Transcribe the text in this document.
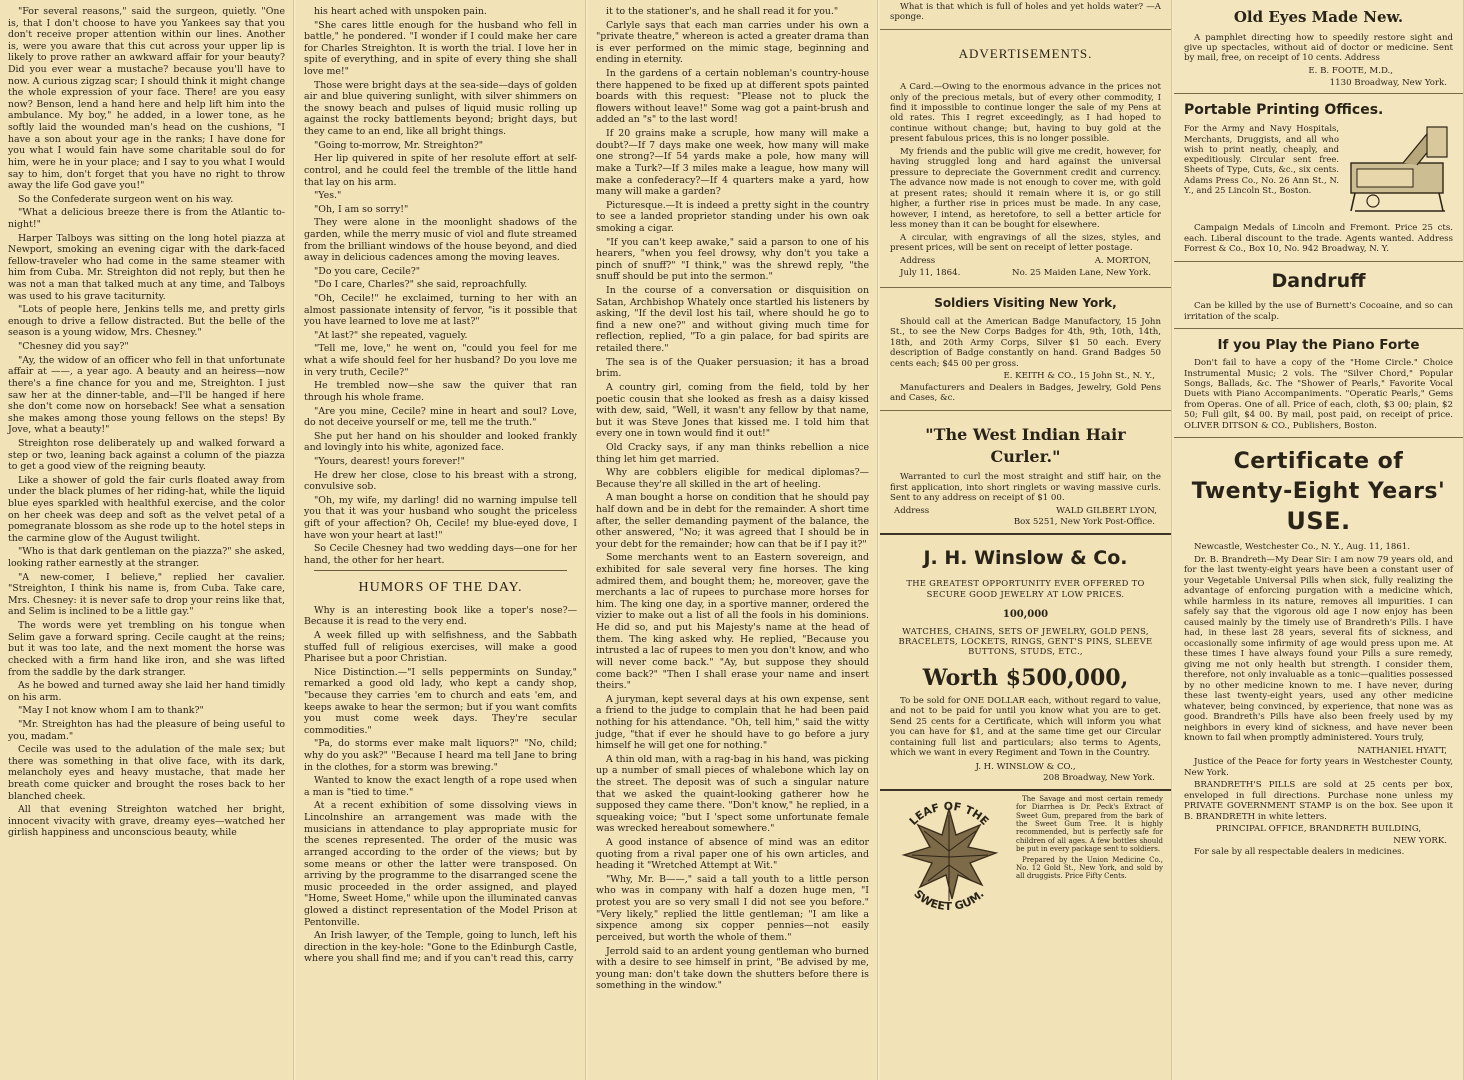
"For several reasons," said the surgeon, quietly. "One is, that I don't choose to have you Yankees say that you don't receive proper attention within our lines. Another is, were you aware that this cut across your upper lip is likely to prove rather an awkward affair for your beauty? Did you ever wear a mustache? because you'll have to now. A curious zigzag scar; I should think it might change the whole expression of your face. There! are you easy now? Benson, lend a hand here and help lift him into the ambulance. My boy," he added, in a lower tone, as he softly laid the wounded man's head on the cushions, "I have a son about your age in the ranks; I have done for you what I would fain have some charitable soul do for him, were he in your place; and I say to you what I would say to him, don't forget that you have no right to throw away the life God gave you!"

So the Confederate surgeon went on his way.

"What a delicious breeze there is from the Atlantic to-night!"

Harper Talboys was sitting on the long hotel piazza at Newport, smoking an evening cigar with the dark-faced fellow-traveler who had come in the same steamer with him from Cuba. Mr. Streighton did not reply, but then he was not a man that talked much at any time, and Talboys was used to his grave taciturnity.

"Lots of people here, Jenkins tells me, and pretty girls enough to drive a fellow distracted. But the belle of the season is a young widow, Mrs. Chesney."

"Chesney did you say?"

"Ay, the widow of an officer who fell in that unfortunate affair at ——, a year ago. A beauty and an heiress—now there's a fine chance for you and me, Streighton. I just saw her at the dinner-table, and—I'll be hanged if here she don't come now on horseback! See what a sensation she makes among those young fellows on the steps! By Jove, what a beauty!"

Streighton rose deliberately up and walked forward a step or two, leaning back against a column of the piazza to get a good view of the reigning beauty.

Like a shower of gold the fair curls floated away from under the black plumes of her riding-hat, while the liquid blue eyes sparkled with healthful exercise, and the color on her cheek was deep and soft as the velvet petal of a pomegranate blossom as she rode up to the hotel steps in the carmine glow of the August twilight.

"Who is that dark gentleman on the piazza?" she asked, looking rather earnestly at the stranger.

"A new-comer, I believe," replied her cavalier. "Streighton, I think his name is, from Cuba. Take care, Mrs. Chesney: it is never safe to drop your reins like that, and Selim is inclined to be a little gay."

The words were yet trembling on his tongue when Selim gave a forward spring. Cecile caught at the reins; but it was too late, and the next moment the horse was checked with a firm hand like iron, and she was lifted from the saddle by the dark stranger.

As he bowed and turned away she laid her hand timidly on his arm.

"May I not know whom I am to thank?"

"Mr. Streighton has had the pleasure of being useful to you, madam."

Cecile was used to the adulation of the male sex; but there was something in that olive face, with its dark, melancholy eyes and heavy mustache, that made her breath come quicker and brought the roses back to her blanched cheek.

All that evening Streighton watched her bright, innocent vivacity with grave, dreamy eyes—watched her girlish happiness and unconscious beauty, while

his heart ached with unspoken pain.

"She cares little enough for the husband who fell in battle," he pondered. "I wonder if I could make her care for Charles Streighton. It is worth the trial. I love her in spite of everything, and in spite of every thing she shall love me!"

Those were bright days at the sea-side—days of golden air and blue quivering sunlight, with silver shimmers on the snowy beach and pulses of liquid music rolling up against the rocky battlements beyond; bright days, but they came to an end, like all bright things.

"Going to-morrow, Mr. Streighton?"

Her lip quivered in spite of her resolute effort at self-control, and he could feel the tremble of the little hand that lay on his arm.

"Yes."

"Oh, I am so sorry!"

They were alone in the moonlight shadows of the garden, while the merry music of viol and flute streamed from the brilliant windows of the house beyond, and died away in delicious cadences among the moving leaves.

"Do you care, Cecile?"

"Do I care, Charles?" she said, reproachfully.

"Oh, Cecile!" he exclaimed, turning to her with an almost passionate intensity of fervor, "is it possible that you have learned to love me at last?"

"At last?" she repeated, vaguely.

"Tell me, love," he went on, "could you feel for me what a wife should feel for her husband? Do you love me in very truth, Cecile?"

He trembled now—she saw the quiver that ran through his whole frame.

"Are you mine, Cecile? mine in heart and soul? Love, do not deceive yourself or me, tell me the truth."

She put her hand on his shoulder and looked frankly and lovingly into his white, agonized face.

"Yours, dearest! yours forever!"

He drew her close, close to his breast with a strong, convulsive sob.

"Oh, my wife, my darling! did no warning impulse tell you that it was your husband who sought the priceless gift of your affection? Oh, Cecile! my blue-eyed dove, I have won your heart at last!"

So Cecile Chesney had two wedding days—one for her hand, the other for her heart.

HUMORS OF THE DAY.

Why is an interesting book like a toper's nose?—Because it is read to the very end.

A week filled up with selfishness, and the Sabbath stuffed full of religious exercises, will make a good Pharisee but a poor Christian.

Nice Distinction.—"I sells peppermints on Sunday," remarked a good old lady, who kept a candy shop, "because they carries 'em to church and eats 'em, and keeps awake to hear the sermon; but if you want comfits you must come week days. They're secular commodities."

"Pa, do storms ever make malt liquors?" "No, child; why do you ask?" "Because I heard ma tell Jane to bring in the clothes, for a storm was brewing."

Wanted to know the exact length of a rope used when a man is "tied to time."

At a recent exhibition of some dissolving views in Lincolnshire an arrangement was made with the musicians in attendance to play appropriate music for the scenes represented. The order of the music was arranged according to the order of the views; but by some means or other the latter were transposed. On arriving by the programme to the disarranged scene the music proceeded in the order assigned, and played "Home, Sweet Home," while upon the illuminated canvas glowed a distinct representation of the Model Prison at Pentonville.

An Irish lawyer, of the Temple, going to lunch, left his direction in the key-hole: "Gone to the Edinburgh Castle, where you shall find me; and if you can't read this, carry

it to the stationer's, and he shall read it for you."

Carlyle says that each man carries under his own a "private theatre," whereon is acted a greater drama than is ever performed on the mimic stage, beginning and ending in eternity.

In the gardens of a certain nobleman's country-house there happened to be fixed up at different spots painted boards with this request: "Please not to pluck the flowers without leave!" Some wag got a paint-brush and added an "s" to the last word!

If 20 grains make a scruple, how many will make a doubt?—If 7 days make one week, how many will make one strong?—If 54 yards make a pole, how many will make a Turk?—If 3 miles make a league, how many will make a confederacy?—If 4 quarters make a yard, how many will make a garden?

Picturesque.—It is indeed a pretty sight in the country to see a landed proprietor standing under his own oak smoking a cigar.

"If you can't keep awake," said a parson to one of his hearers, "when you feel drowsy, why don't you take a pinch of snuff?" "I think," was the shrewd reply, "the snuff should be put into the sermon."

In the course of a conversation or disquisition on Satan, Archbishop Whately once startled his listeners by asking, "If the devil lost his tail, where should he go to find a new one?" and without giving much time for reflection, replied, "To a gin palace, for bad spirits are retailed there."

The sea is of the Quaker persuasion; it has a broad brim.

A country girl, coming from the field, told by her poetic cousin that she looked as fresh as a daisy kissed with dew, said, "Well, it wasn't any fellow by that name, but it was Steve Jones that kissed me. I told him that every one in town would find it out!"

Old Cracky says, if any man thinks rebellion a nice thing let him get married.

Why are cobblers eligible for medical diplomas?—Because they're all skilled in the art of heeling.

A man bought a horse on condition that he should pay half down and be in debt for the remainder. A short time after, the seller demanding payment of the balance, the other answered, "No; it was agreed that I should be in your debt for the remainder; how can that be if I pay it?"

Some merchants went to an Eastern sovereign, and exhibited for sale several very fine horses. The king admired them, and bought them; he, moreover, gave the merchants a lac of rupees to purchase more horses for him. The king one day, in a sportive manner, ordered the vizier to make out a list of all the fools in his dominions. He did so, and put his Majesty's name at the head of them. The king asked why. He replied, "Because you intrusted a lac of rupees to men you don't know, and who will never come back." "Ay, but suppose they should come back?" "Then I shall erase your name and insert theirs."

A juryman, kept several days at his own expense, sent a friend to the judge to complain that he had been paid nothing for his attendance. "Oh, tell him," said the witty judge, "that if ever he should have to go before a jury himself he will get one for nothing."

A thin old man, with a rag-bag in his hand, was picking up a number of small pieces of whalebone which lay on the street. The deposit was of such a singular nature that we asked the quaint-looking gatherer how he supposed they came there. "Don't know," he replied, in a squeaking voice; "but I 'spect some unfortunate female was wrecked hereabout somewhere."

A good instance of absence of mind was an editor quoting from a rival paper one of his own articles, and heading it "Wretched Attempt at Wit."

"Why, Mr. B——," said a tall youth to a little person who was in company with half a dozen huge men, "I protest you are so very small I did not see you before." "Very likely," replied the little gentleman; "I am like a sixpence among six copper pennies—not easily perceived, but worth the whole of them."

Jerrold said to an ardent young gentleman who burned with a desire to see himself in print, "Be advised by me, young man: don't take down the shutters before there is something in the window."

What is that which is full of holes and yet holds water? —A sponge.

ADVERTISEMENTS.

A Card.—Owing to the enormous advance in the prices not only of the precious metals, but of every other commodity, I find it impossible to continue longer the sale of my Pens at old rates. This I regret exceedingly, as I had hoped to continue without change; but, having to buy gold at the present fabulous prices, this is no longer possible.

My friends and the public will give me credit, however, for having struggled long and hard against the universal pressure to depreciate the Government credit and currency. The advance now made is not enough to cover me, with gold at present rates; should it remain where it is, or go still higher, a further rise in prices must be made. In any case, however, I intend, as heretofore, to sell a better article for less money than it can be bought for elsewhere.

A circular, with engravings of all the sizes, styles, and present prices, will be sent on receipt of letter postage.

Address	A. MORTON,
July 11, 1864.	No. 25 Maiden Lane, New York.
Soldiers Visiting New York,

Should call at the American Badge Manufactory, 15 John St., to see the New Corps Badges for 4th, 9th, 10th, 14th, 18th, and 20th Army Corps, Silver $1 50 each. Every description of Badge constantly on hand. Grand Badges 50 cents each; $45 00 per gross.

E. KEITH & CO., 15 John St., N. Y.,

Manufacturers and Dealers in Badges, Jewelry, Gold Pens and Cases, &c.

"The West Indian Hair
Curler."

Warranted to curl the most straight and stiff hair, on the first application, into short ringlets or waving massive curls. Sent to any address on receipt of $1 00.

Address	WALD GILBERT LYON,
Box 5251, New York Post-Office.
J. H. Winslow & Co.
THE GREATEST OPPORTUNITY EVER OFFERED TO SECURE GOOD JEWELRY AT LOW PRICES.
100,000
WATCHES, CHAINS, SETS OF JEWELRY, GOLD PENS, BRACELETS, LOCKETS, RINGS, GENT'S PINS, SLEEVE BUTTONS, STUDS, ETC.,
Worth $500,000,

To be sold for ONE DOLLAR each, without regard to value, and not to be paid for until you know what you are to get. Send 25 cents for a Certificate, which will inform you what you can have for $1, and at the same time get our Circular containing full list and particulars; also terms to Agents, which we want in every Regiment and Town in the Country.

J. H. WINSLOW & CO.,
208 Broadway, New York.
LEAF OF THE
SWEET GUM.

The Savage and most certain remedy for Diarrhea is Dr. Peck's Extract of Sweet Gum, prepared from the bark of the Sweet Gum Tree. It is highly recommended, but is perfectly safe for children of all ages. A few bottles should be put in every package sent to soldiers.

Prepared by the Union Medicine Co., No. 12 Gold St., New York, and sold by all druggists. Price Fifty Cents.

Old Eyes Made New.

A pamphlet directing how to speedily restore sight and give up spectacles, without aid of doctor or medicine. Sent by mail, free, on receipt of 10 cents. Address

E. B. FOOTE, M.D.,
1130 Broadway, New York.
Portable Printing Offices.

For the Army and Navy Hospitals, Merchants, Druggists, and all who wish to print neatly, cheaply, and expeditiously. Circular sent free. Sheets of Type, Cuts, &c., six cents. Adams Press Co., No. 26 Ann St., N. Y., and 25 Lincoln St., Boston.

Campaign Medals of Lincoln and Fremont. Price 25 cts. each. Liberal discount to the trade. Agents wanted. Address Forrest & Co., Box 10, No. 942 Broadway, N. Y.

Dandruff

Can be killed by the use of Burnett's Cocoaine, and so can irritation of the scalp.

If you Play the Piano Forte

Don't fail to have a copy of the "Home Circle." Choice Instrumental Music; 2 vols. The "Silver Chord," Popular Songs, Ballads, &c. The "Shower of Pearls," Favorite Vocal Duets with Piano Accompaniments. "Operatic Pearls," Gems from Operas. One of all. Price of each, cloth, $3 00; plain, $2 50; Full gilt, $4 00. By mail, post paid, on receipt of price. OLIVER DITSON & CO., Publishers, Boston.

Certificate of
Twenty-Eight Years'
USE.

Newcastle, Westchester Co., N. Y., Aug. 11, 1861.

Dr. B. Brandreth—My Dear Sir: I am now 79 years old, and for the last twenty-eight years have been a constant user of your Vegetable Universal Pills when sick, fully realizing the advantage of enforcing purgation with a medicine which, while harmless in its nature, removes all impurities. I can safely say that the vigorous old age I now enjoy has been caused mainly by the timely use of Brandreth's Pills. I have had, in these last 28 years, several fits of sickness, and occasionally some infirmity of age would press upon me. At these times I have always found your Pills a sure remedy, giving me not only health but strength. I consider them, therefore, not only invaluable as a tonic—qualities possessed by no other medicine known to me. I have never, during these last twenty-eight years, used any other medicine whatever, being convinced, by experience, that none was as good. Brandreth's Pills have also been freely used by my neighbors in every kind of sickness, and have never been known to fail when promptly administered. Yours truly,

NATHANIEL HYATT,

Justice of the Peace for forty years in Westchester County, New York.

BRANDRETH'S PILLS are sold at 25 cents per box, enveloped in full directions. Purchase none unless my PRIVATE GOVERNMENT STAMP is on the box. See upon it B. BRANDRETH in white letters.

PRINCIPAL OFFICE, BRANDRETH BUILDING,
NEW YORK.

For sale by all respectable dealers in medicines.
